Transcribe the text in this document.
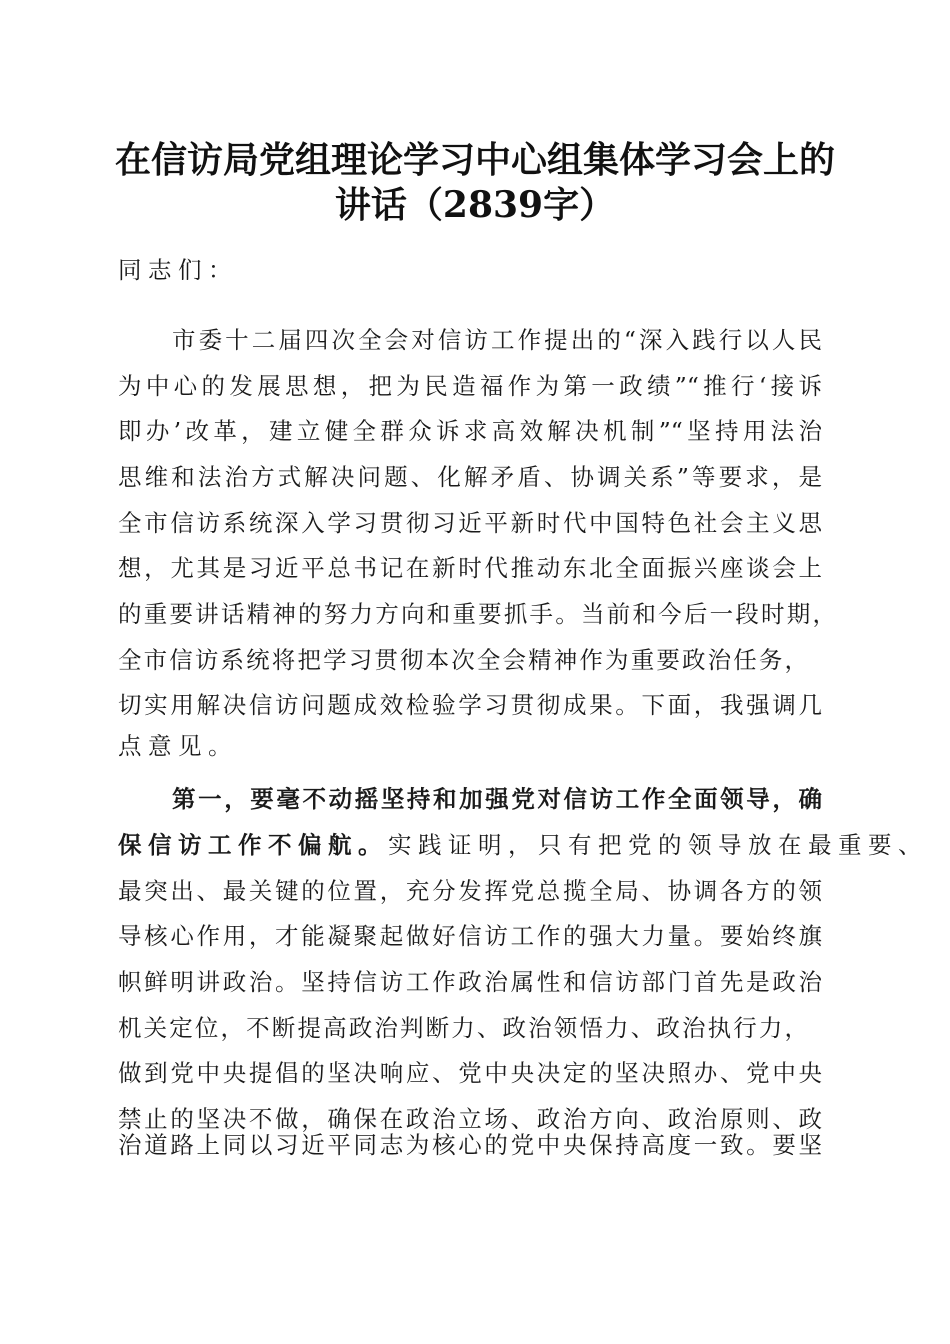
在信访局党组理论学习中心组集体学习会上的
讲话（2839字）
同志们：
市委十二届四次全会对信访工作提出的“深入践行以人民
为中心的发展思想，把为民造福作为第一政绩”“推行‘接诉
即办’改革，建立健全群众诉求高效解决机制”“坚持用法治
思维和法治方式解决问题、化解矛盾、协调关系”等要求，是
全市信访系统深入学习贯彻习近平新时代中国特色社会主义思
想，尤其是习近平总书记在新时代推动东北全面振兴座谈会上
的重要讲话精神的努力方向和重要抓手。当前和今后一段时期，
全市信访系统将把学习贯彻本次全会精神作为重要政治任务，
切实用解决信访问题成效检验学习贯彻成果。下面，我强调几
点意见。
第一，要毫不动摇坚持和加强党对信访工作全面领导，确
保信访工作不偏航。 实践证明，只有把党的领导放在最重要、
最突出、最关键的位置，充分发挥党总揽全局、协调各方的领
导核心作用，才能凝聚起做好信访工作的强大力量。要始终旗
帜鲜明讲政治。坚持信访工作政治属性和信访部门首先是政治
机关定位，不断提高政治判断力、政治领悟力、政治执行力，
做到党中央提倡的坚决响应、党中央决定的坚决照办、党中央
禁止的坚决不做，确保在政治立场、政治方向、政治原则、政
治道路上同以习近平同志为核心的党中央保持高度一致。要坚
